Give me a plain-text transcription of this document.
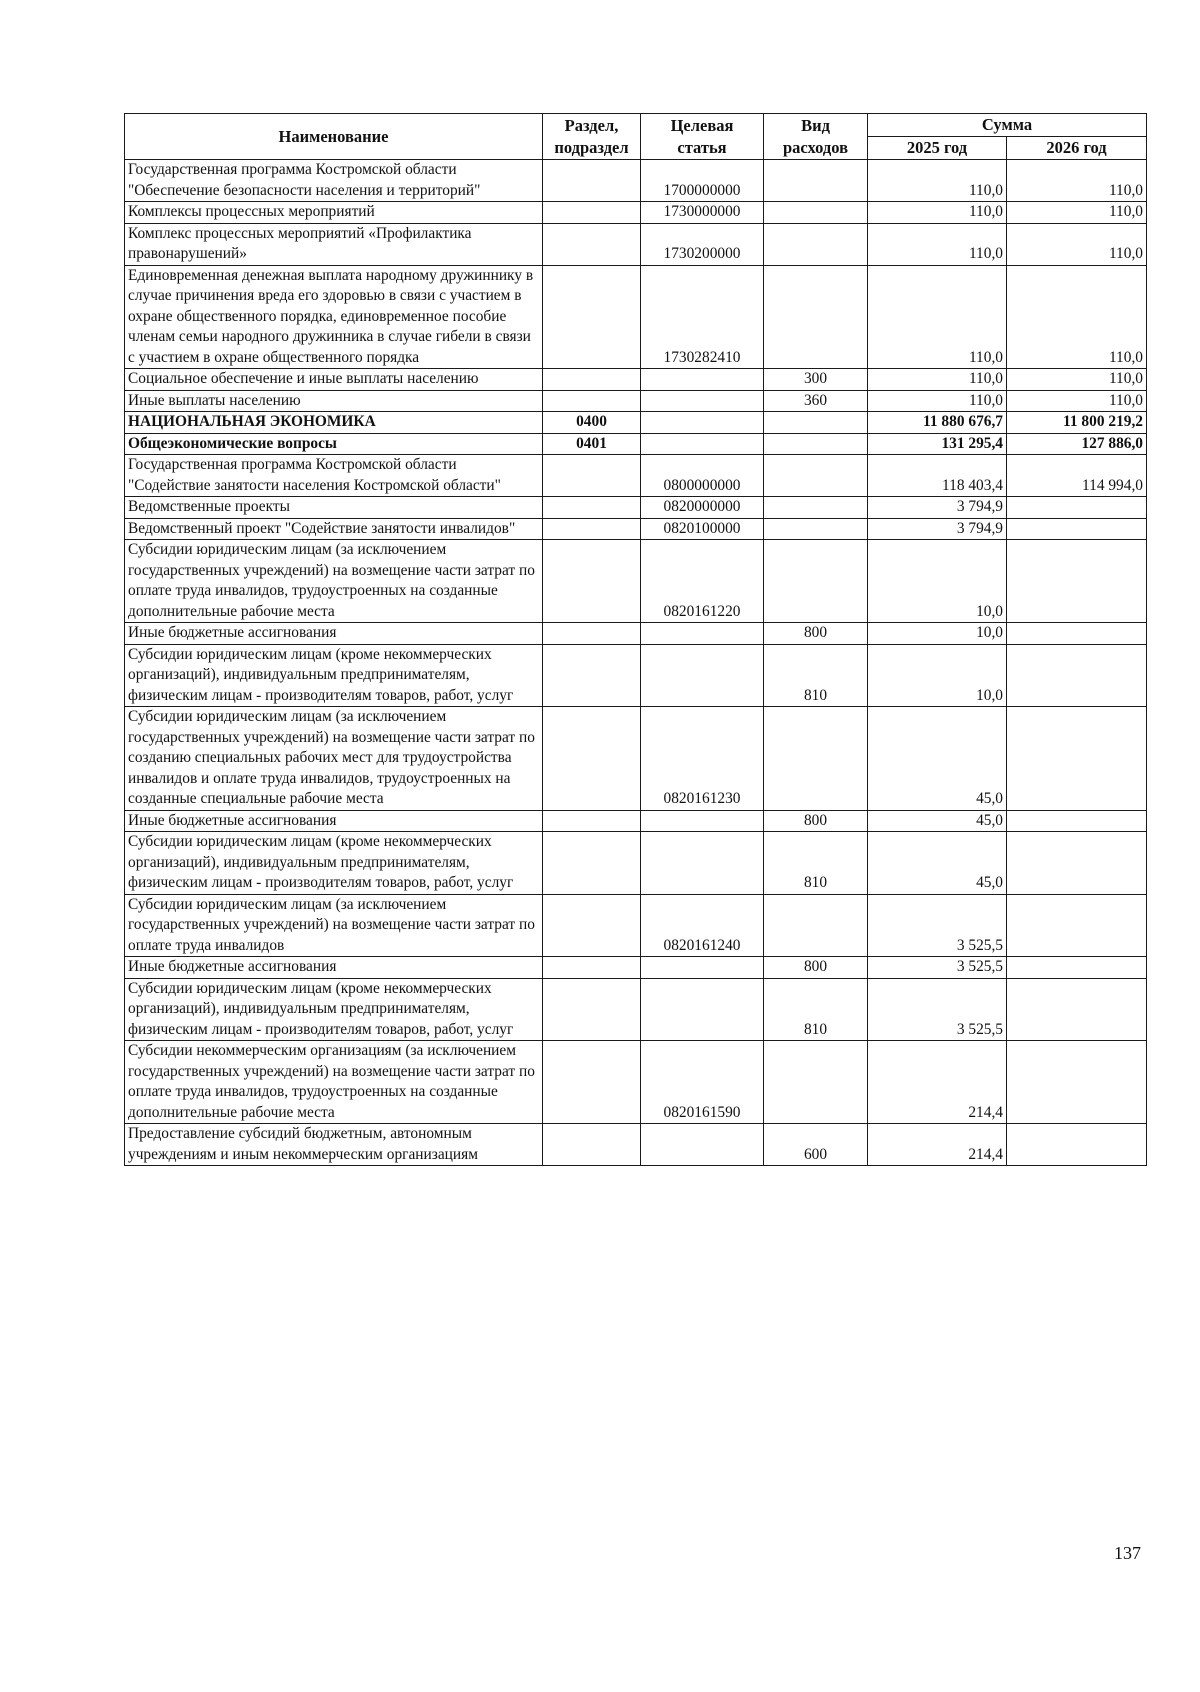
Наименование	Раздел, подраздел	Целевая статья	Вид расходов	Сумма	
				2025 год	2026 год
Государственная программа Костромской области "Обеспечение безопасности населения и территорий"		1700000000		110,0	110,0
Комплексы процессных мероприятий		1730000000		110,0	110,0
Комплекс процессных мероприятий «Профилактика правонарушений»		1730200000		110,0	110,0
Единовременная денежная выплата народному дружиннику в случае причинения вреда его здоровью в связи с участием в охране общественного порядка, единовременное пособие членам семьи народного дружинника в случае гибели в связи с участием в охране общественного порядка		1730282410		110,0	110,0
Социальное обеспечение и иные выплаты населению			300	110,0	110,0
Иные выплаты населению			360	110,0	110,0
НАЦИОНАЛЬНАЯ ЭКОНОМИКА	0400			11 880 676,7	11 800 219,2
Общеэкономические вопросы	0401			131 295,4	127 886,0
Государственная программа Костромской области "Содействие занятости населения Костромской области"		0800000000		118 403,4	114 994,0
Ведомственные проекты		0820000000		3 794,9	
Ведомственный проект "Содействие занятости инвалидов"		0820100000		3 794,9	
Субсидии юридическим лицам (за исключением государственных учреждений) на возмещение части затрат по оплате труда инвалидов, трудоустроенных на созданные дополнительные рабочие места		0820161220		10,0	
Иные бюджетные ассигнования			800	10,0	
Субсидии юридическим лицам (кроме некоммерческих организаций), индивидуальным предпринимателям, физическим лицам - производителям товаров, работ, услуг			810	10,0	
Субсидии юридическим лицам (за исключением государственных учреждений) на возмещение части затрат по созданию специальных рабочих мест для трудоустройства инвалидов и оплате труда инвалидов, трудоустроенных на созданные специальные рабочие места		0820161230		45,0	
Иные бюджетные ассигнования			800	45,0	
Субсидии юридическим лицам (кроме некоммерческих организаций), индивидуальным предпринимателям, физическим лицам - производителям товаров, работ, услуг			810	45,0	
Субсидии юридическим лицам (за исключением государственных учреждений) на возмещение части затрат по оплате труда инвалидов		0820161240		3 525,5	
Иные бюджетные ассигнования			800	3 525,5	
Субсидии юридическим лицам (кроме некоммерческих организаций), индивидуальным предпринимателям, физическим лицам - производителям товаров, работ, услуг			810	3 525,5	
Субсидии некоммерческим организациям (за исключением государственных учреждений) на возмещение части затрат по оплате труда инвалидов, трудоустроенных на созданные дополнительные рабочие места		0820161590		214,4	
Предоставление субсидий бюджетным, автономным учреждениям и иным некоммерческим организациям			600	214,4	
137
